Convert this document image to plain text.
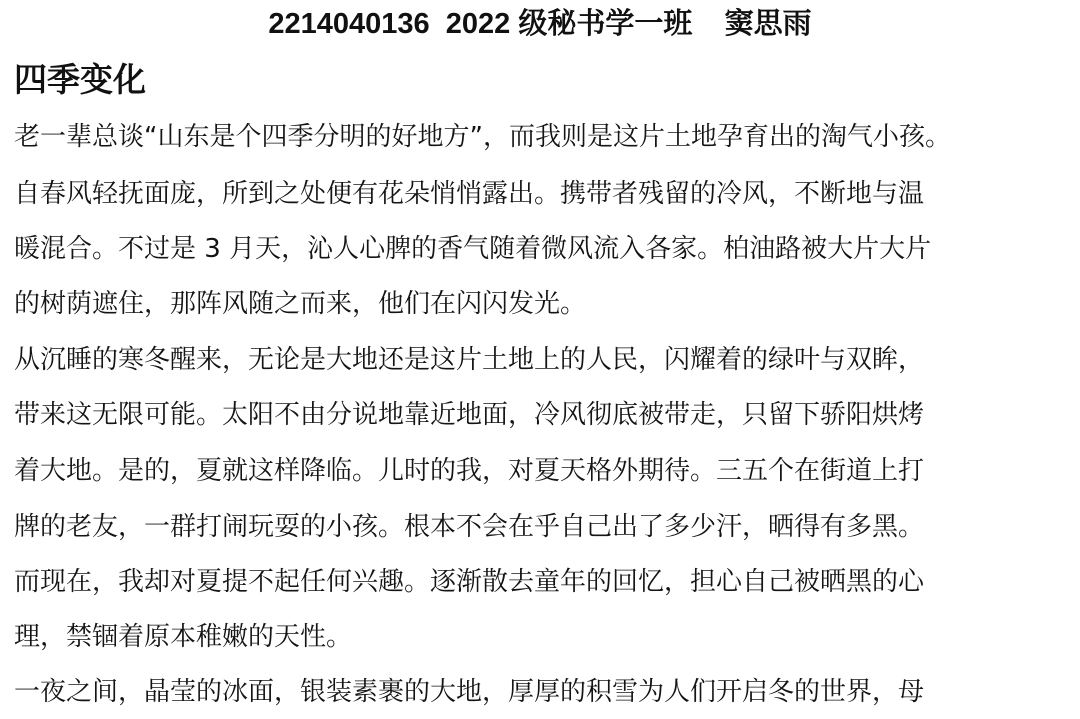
2214040136  2022 级秘书学一班    窦思雨
四季变化
老一辈总谈“山东是个四季分明的好地方”，而我则是这片土地孕育出的淘气小孩。
自春风轻抚面庞，所到之处便有花朵悄悄露出。携带者残留的冷风，不断地与温
暖混合。不过是 3 月天，沁人心脾的香气随着微风流入各家。柏油路被大片大片
的树荫遮住，那阵风随之而来，他们在闪闪发光。
从沉睡的寒冬醒来，无论是大地还是这片土地上的人民，闪耀着的绿叶与双眸，
带来这无限可能。太阳不由分说地靠近地面，冷风彻底被带走，只留下骄阳烘烤
着大地。是的，夏就这样降临。儿时的我，对夏天格外期待。三五个在街道上打
牌的老友，一群打闹玩耍的小孩。根本不会在乎自己出了多少汗，晒得有多黑。
而现在，我却对夏提不起任何兴趣。逐渐散去童年的回忆，担心自己被晒黑的心
理，禁锢着原本稚嫩的天性。
一夜之间，晶莹的冰面，银装素裹的大地，厚厚的积雪为人们开启冬的世界，母
